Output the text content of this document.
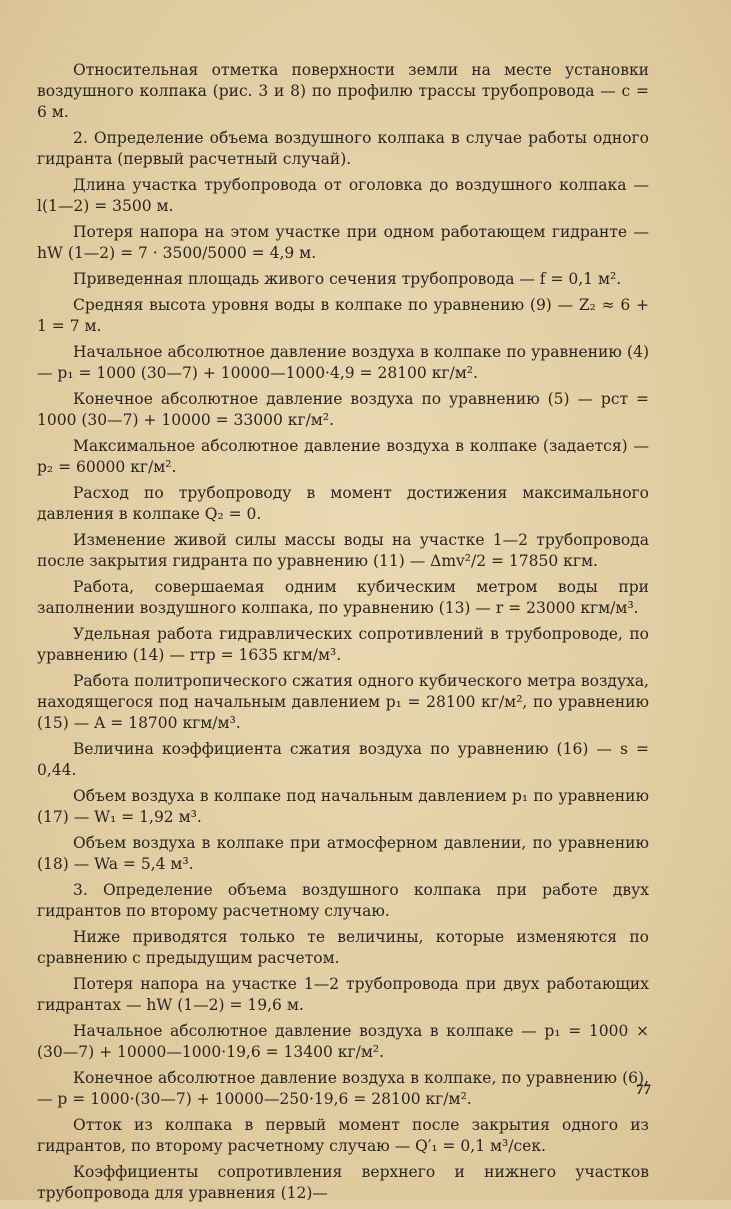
Относительная отметка поверхности земли на месте установки воздушного колпака (рис. 3 и 8) по профилю трассы трубопровода — c = 6 м.

2. Определение объема воздушного колпака в случае работы одного гидранта (первый расчетный случай).

Длина участка трубопровода от оголовка до воздушного колпака — l(1—2) = 3500 м.

Потеря напора на этом участке при одном работающем гидранте — hW (1—2) = 7 · 3500/5000 = 4,9 м.

Приведенная площадь живого сечения трубопровода — f = 0,1 м².

Средняя высота уровня воды в колпаке по уравнению (9) — Z₂ ≈ 6 + 1 = 7 м.

Начальное абсолютное давление воздуха в колпаке по уравнению (4) — p₁ = 1000 (30—7) + 10000—1000·4,9 = 28100 кг/м².

Конечное абсолютное давление воздуха по уравнению (5) — pст = 1000 (30—7) + 10000 = 33000 кг/м².

Максимальное абсолютное давление воздуха в колпаке (задается) — p₂ = 60000 кг/м².

Расход по трубопроводу в момент достижения максимального давления в колпаке Q₂ = 0.

Изменение живой силы массы воды на участке 1—2 трубопровода после закрытия гидранта по уравнению (11) — Δmv²/2 = 17850 кгм.

Работа, совершаемая одним кубическим метром воды при заполнении воздушного колпака, по уравнению (13) — r = 23000 кгм/м³.

Удельная работа гидравлических сопротивлений в трубопроводе, по уравнению (14) — rтр = 1635 кгм/м³.

Работа политропического сжатия одного кубического метра воздуха, находящегося под начальным давлением p₁ = 28100 кг/м², по уравнению (15) — A = 18700 кгм/м³.

Величина коэффициента сжатия воздуха по уравнению (16) — s = 0,44.

Объем воздуха в колпаке под начальным давлением p₁ по уравнению (17) — W₁ = 1,92 м³.

Объем воздуха в колпаке при атмосферном давлении, по уравнению (18) — Wa = 5,4 м³.

3. Определение объема воздушного колпака при работе двух гидрантов по второму расчетному случаю.

Ниже приводятся только те величины, которые изменяются по сравнению с предыдущим расчетом.

Потеря напора на участке 1—2 трубопровода при двух работающих гидрантах — hW (1—2) = 19,6 м.

Начальное абсолютное давление воздуха в колпаке — p₁ = 1000 × (30—7) + 10000—1000·19,6 = 13400 кг/м².

Конечное абсолютное давление воздуха в колпаке, по уравнению (6), — p = 1000·(30—7) + 10000—250·19,6 = 28100 кг/м².

Отток из колпака в первый момент после закрытия одного из гидрантов, по второму расчетному случаю — Q′₁ = 0,1 м³/сек.

Коэффициенты сопротивления верхнего и нижнего участков трубопровода для уравнения (12)—

77
